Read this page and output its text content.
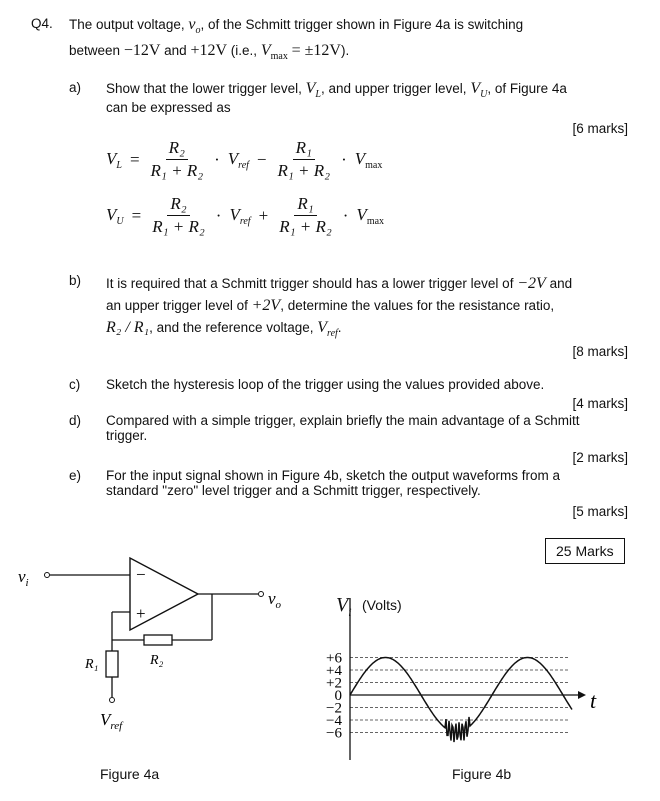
Q4. The output voltage, $v_o$, of the Schmitt trigger shown in Figure 4a is switching
between −12V and +12V (i.e., $V_{max} = \pm 12V$).
a) Show that the lower trigger level, $V_L$, and upper trigger level, $V_U$, of Figure 4a
can be expressed as
[6 marks]
$V_L = \frac{\text{R₂}}{\text{R₁ + R₂}} \cdot V_{ref} - \frac{\text{R₁}}{\text{R₁ + R₂}} \cdot V_{max}$
$V_U = \frac{\text{R₂}}{\text{R₁ + R₂}} \cdot V_{ref} + \frac{\text{R₁}}{\text{R₁ + R₂}} \cdot V_{max}$
b) It is required that a Schmitt trigger should has a lower trigger level of −2V and
an upper trigger level of +2V, determine the values for the resistance ratio,
R₂ / R₁, and the reference voltage, $V_{ref}$.
[8 marks]
c) Sketch the hysteresis loop of the trigger using the values provided above.
[4 marks]
d) Compared with a simple trigger, explain briefly the main advantage of a Schmitt
trigger.
[2 marks]
e) For the input signal shown in Figure 4b, sketch the output waveforms from a
standard "zero" level trigger and a Schmitt trigger, respectively.
[5 marks]
25 Marks
$v_i$	−
+
$v_o$
R₂
R₁
$V_{ref}$
Figure 4a
+6
+4
+2
0
−2
−4
−6
t
$V_i$ (Volts)
Figure 4b
